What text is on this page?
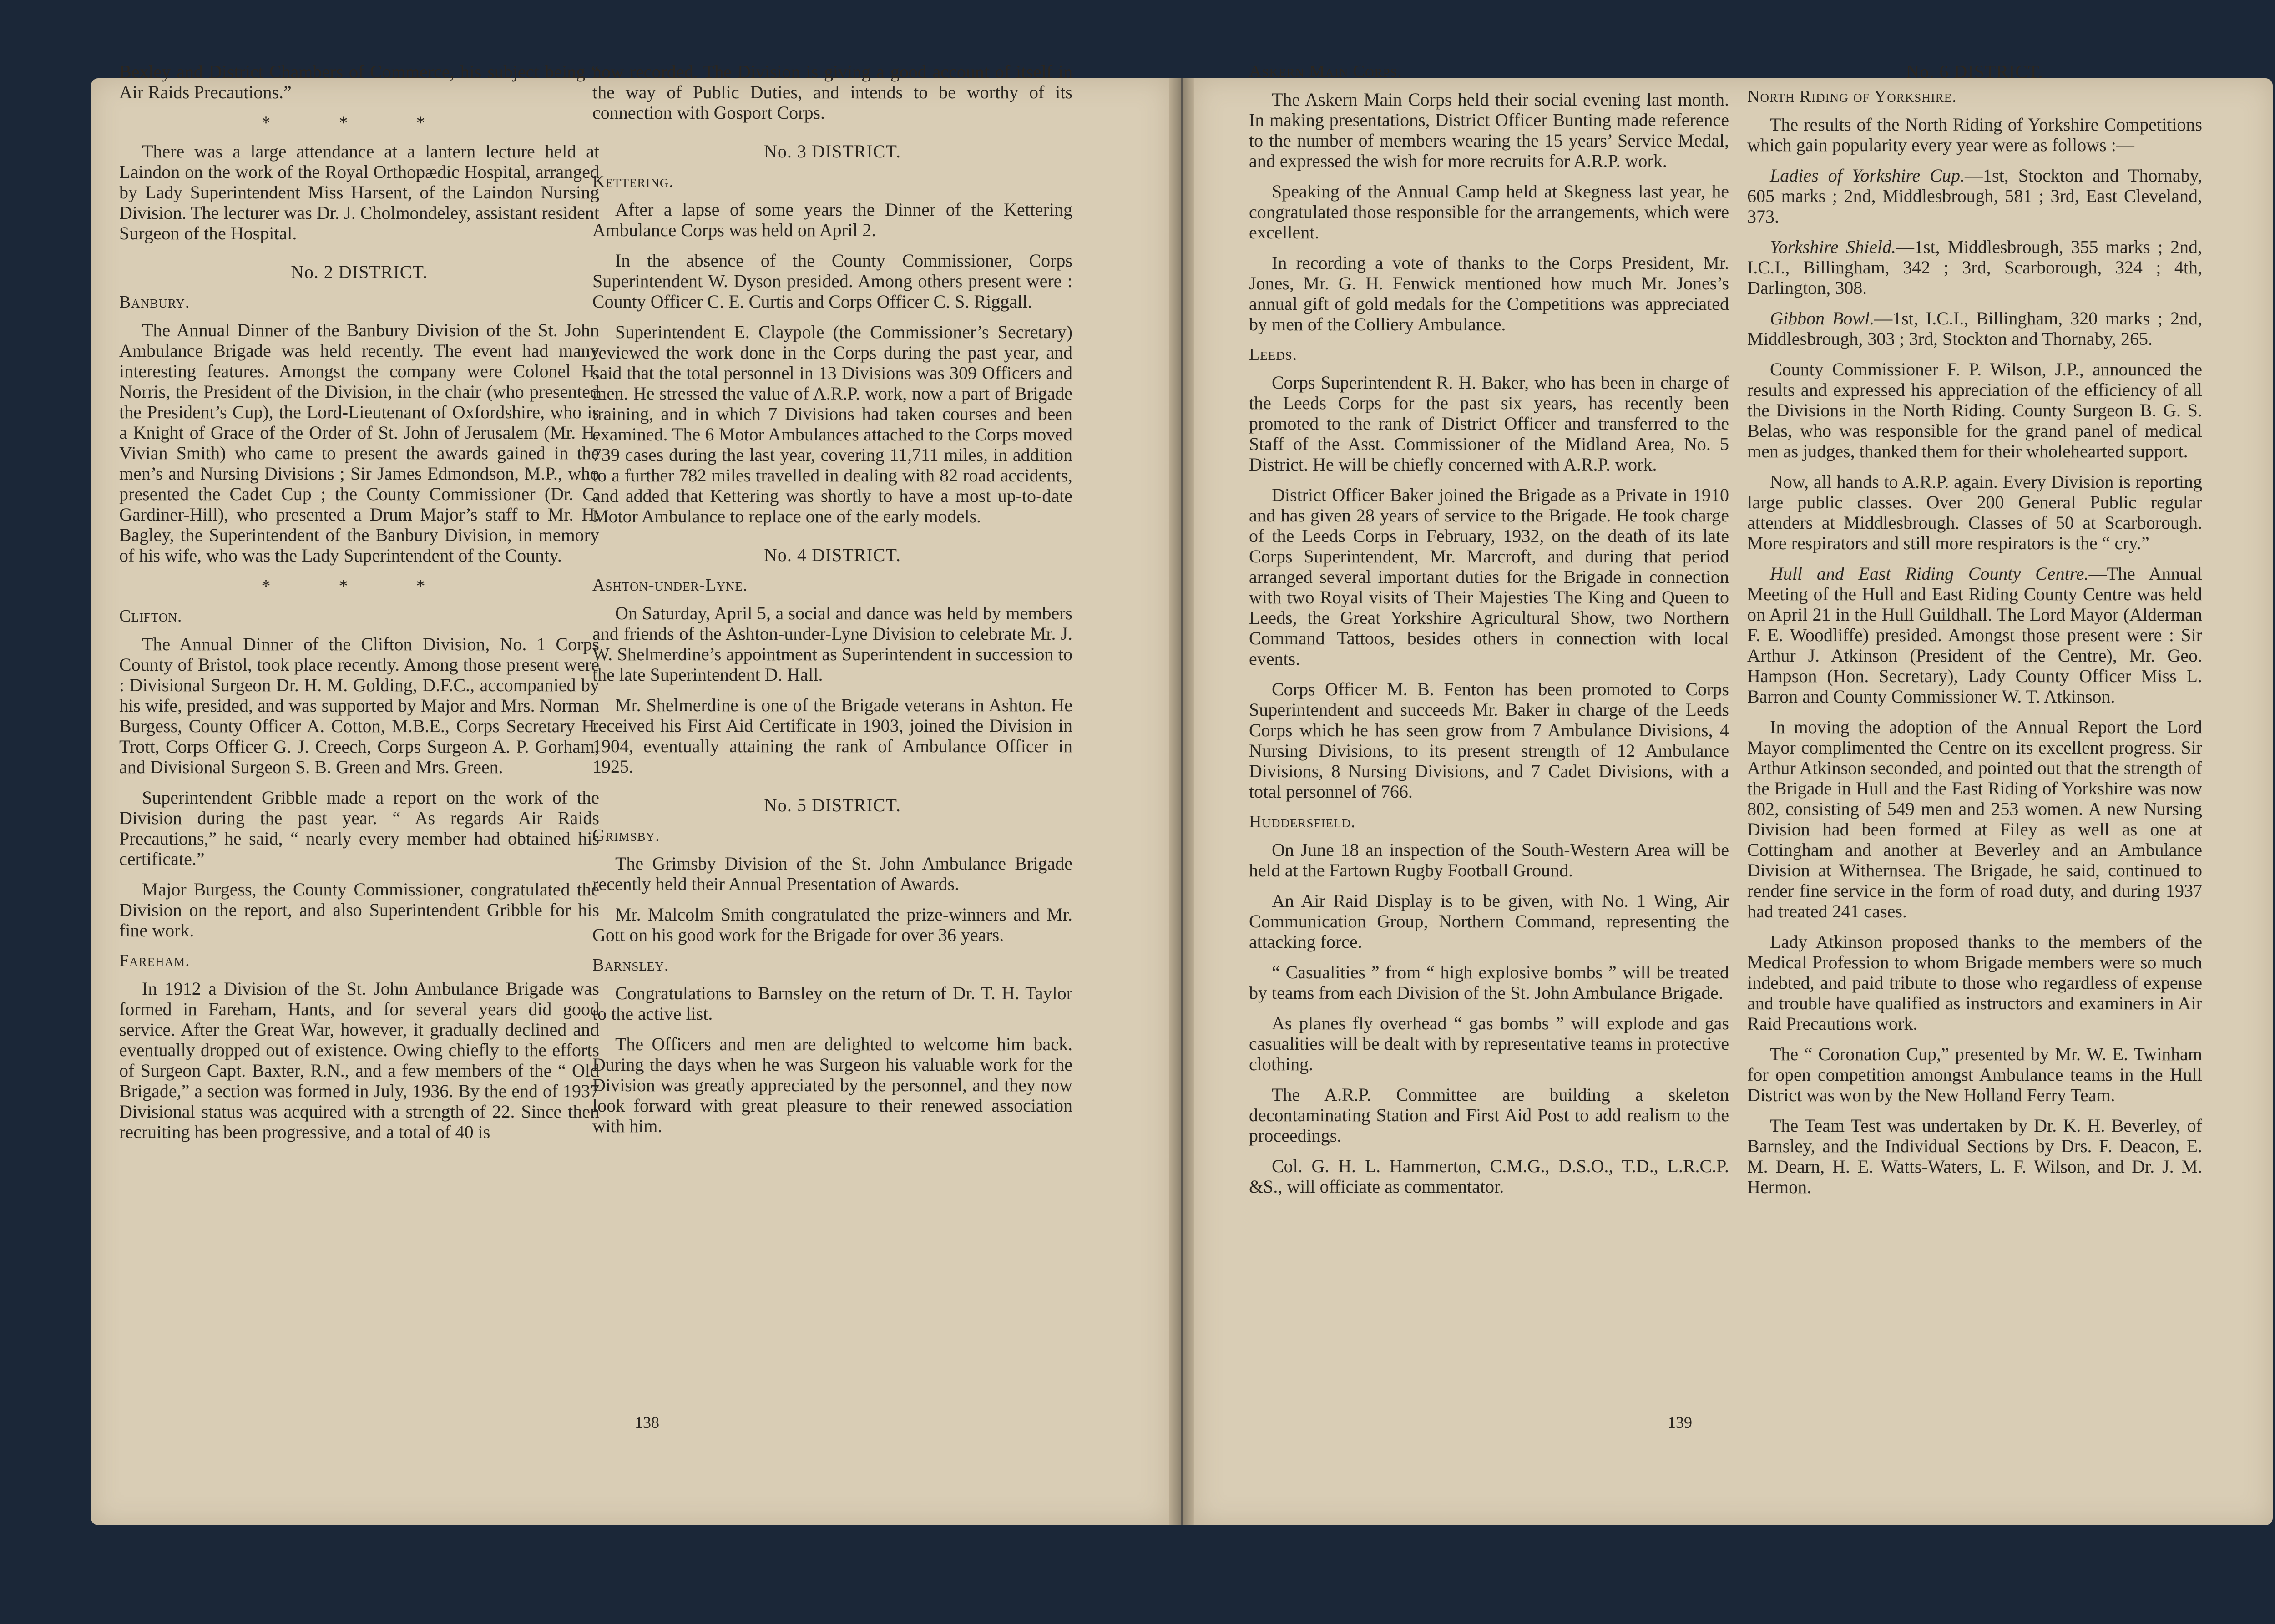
Bexley and District Chambers of Commerce, his subject being “ Air Raids Precautions.”

* * *

There was a large attendance at a lantern lecture held at Laindon on the work of the Royal Orthopædic Hospital, arranged by Lady Superintendent Miss Harsent, of the Laindon Nursing Division. The lecturer was Dr. J. Cholmondeley, assistant resident Surgeon of the Hospital.

No. 2 DISTRICT.
Banbury.

The Annual Dinner of the Banbury Division of the St. John Ambulance Brigade was held recently. The event had many interesting features. Amongst the company were Colonel H. Norris, the President of the Division, in the chair (who presented the President’s Cup), the Lord-Lieutenant of Oxfordshire, who is a Knight of Grace of the Order of St. John of Jerusalem (Mr. H. Vivian Smith) who came to present the awards gained in the men’s and Nursing Divisions ; Sir James Edmondson, M.P., who presented the Cadet Cup ; the County Commissioner (Dr. C. Gardiner-Hill), who presented a Drum Major’s staff to Mr. H. Bagley, the Superintendent of the Banbury Division, in memory of his wife, who was the Lady Superintendent of the County.

* * *
Clifton.

The Annual Dinner of the Clifton Division, No. 1 Corps County of Bristol, took place recently. Among those present were : Divisional Surgeon Dr. H. M. Golding, D.F.C., accompanied by his wife, presided, and was supported by Major and Mrs. Norman Burgess, County Officer A. Cotton, M.B.E., Corps Secretary H. Trott, Corps Officer G. J. Creech, Corps Surgeon A. P. Gorham, and Divisional Surgeon S. B. Green and Mrs. Green.

Superintendent Gribble made a report on the work of the Division during the past year. “ As regards Air Raids Precautions,” he said, “ nearly every member had obtained his certificate.”

Major Burgess, the County Commissioner, congratulated the Division on the report, and also Superintendent Gribble for his fine work.

Fareham.

In 1912 a Division of the St. John Ambulance Brigade was formed in Fareham, Hants, and for several years did good service. After the Great War, however, it gradually declined and eventually dropped out of existence. Owing chiefly to the efforts of Surgeon Capt. Baxter, R.N., and a few members of the “ Old Brigade,” a section was formed in July, 1936. By the end of 1937 Divisional status was acquired with a strength of 22. Since then recruiting has been progressive, and a total of 40 is

now recorded. The Division is giving a good account of itself in the way of Public Duties, and intends to be worthy of its connection with Gosport Corps.

No. 3 DISTRICT.
Kettering.

After a lapse of some years the Dinner of the Kettering Ambulance Corps was held on April 2.

In the absence of the County Commissioner, Corps Superintendent W. Dyson presided. Among others present were : County Officer C. E. Curtis and Corps Officer C. S. Riggall.

Superintendent E. Claypole (the Commissioner’s Secretary) reviewed the work done in the Corps during the past year, and said that the total personnel in 13 Divisions was 309 Officers and men. He stressed the value of A.R.P. work, now a part of Brigade training, and in which 7 Divisions had taken courses and been examined. The 6 Motor Ambulances attached to the Corps moved 739 cases during the last year, covering 11,711 miles, in addition to a further 782 miles travelled in dealing with 82 road accidents, and added that Kettering was shortly to have a most up-to-date Motor Ambulance to replace one of the early models.

No. 4 DISTRICT.
Ashton-under-Lyne.

On Saturday, April 5, a social and dance was held by members and friends of the Ashton-under-Lyne Division to celebrate Mr. J. W. Shelmerdine’s appointment as Superintendent in succession to the late Superintendent D. Hall.

Mr. Shelmerdine is one of the Brigade veterans in Ashton. He received his First Aid Certificate in 1903, joined the Division in 1904, eventually attaining the rank of Ambulance Officer in 1925.

No. 5 DISTRICT.
Grimsby.

The Grimsby Division of the St. John Ambulance Brigade recently held their Annual Presentation of Awards.

Mr. Malcolm Smith congratulated the prize-winners and Mr. Gott on his good work for the Brigade for over 36 years.

Barnsley.

Congratulations to Barnsley on the return of Dr. T. H. Taylor to the active list.

The Officers and men are delighted to welcome him back. During the days when he was Surgeon his valuable work for the Division was greatly appreciated by the personnel, and they now look forward with great pleasure to their renewed association with him.

138
Askern Main Corps.

The Askern Main Corps held their social evening last month. In making presentations, District Officer Bunting made reference to the number of members wearing the 15 years’ Service Medal, and expressed the wish for more recruits for A.R.P. work.

Speaking of the Annual Camp held at Skegness last year, he congratulated those responsible for the arrangements, which were excellent.

In recording a vote of thanks to the Corps President, Mr. Jones, Mr. G. H. Fenwick mentioned how much Mr. Jones’s annual gift of gold medals for the Competitions was appreciated by men of the Colliery Ambulance.

Leeds.

Corps Superintendent R. H. Baker, who has been in charge of the Leeds Corps for the past six years, has recently been promoted to the rank of District Officer and transferred to the Staff of the Asst. Commissioner of the Midland Area, No. 5 District. He will be chiefly concerned with A.R.P. work.

District Officer Baker joined the Brigade as a Private in 1910 and has given 28 years of service to the Brigade. He took charge of the Leeds Corps in February, 1932, on the death of its late Corps Superintendent, Mr. Marcroft, and during that period arranged several important duties for the Brigade in connection with two Royal visits of Their Majesties The King and Queen to Leeds, the Great Yorkshire Agricultural Show, two Northern Command Tattoos, besides others in connection with local events.

Corps Officer M. B. Fenton has been promoted to Corps Superintendent and succeeds Mr. Baker in charge of the Leeds Corps which he has seen grow from 7 Ambulance Divisions, 4 Nursing Divisions, to its present strength of 12 Ambulance Divisions, 8 Nursing Divisions, and 7 Cadet Divisions, with a total personnel of 766.

Huddersfield.

On June 18 an inspection of the South-Western Area will be held at the Fartown Rugby Football Ground.

An Air Raid Display is to be given, with No. 1 Wing, Air Communication Group, Northern Command, representing the attacking force.

“ Casualities ” from “ high explosive bombs ” will be treated by teams from each Division of the St. John Ambulance Brigade.

As planes fly overhead “ gas bombs ” will explode and gas casualities will be dealt with by representative teams in protective clothing.

The A.R.P. Committee are building a skeleton decontaminating Station and First Aid Post to add realism to the proceedings.

Col. G. H. L. Hammerton, C.M.G., D.S.O., T.D., L.R.C.P. &S., will officiate as commentator.

No. 6 DISTRICT.
North Riding of Yorkshire.

The results of the North Riding of Yorkshire Competitions which gain popularity every year were as follows :—

Ladies of Yorkshire Cup.—1st, Stockton and Thornaby, 605 marks ; 2nd, Middlesbrough, 581 ; 3rd, East Cleveland, 373.

Yorkshire Shield.—1st, Middlesbrough, 355 marks ; 2nd, I.C.I., Billingham, 342 ; 3rd, Scarborough, 324 ; 4th, Darlington, 308.

Gibbon Bowl.—1st, I.C.I., Billingham, 320 marks ; 2nd, Middlesbrough, 303 ; 3rd, Stockton and Thornaby, 265.

County Commissioner F. P. Wilson, J.P., announced the results and expressed his appreciation of the efficiency of all the Divisions in the North Riding. County Surgeon B. G. S. Belas, who was responsible for the grand panel of medical men as judges, thanked them for their wholehearted support.

Now, all hands to A.R.P. again. Every Division is reporting large public classes. Over 200 General Public regular attenders at Middlesbrough. Classes of 50 at Scarborough. More respirators and still more respirators is the “ cry.”

Hull and East Riding County Centre.—The Annual Meeting of the Hull and East Riding County Centre was held on April 21 in the Hull Guildhall. The Lord Mayor (Alderman F. E. Woodliffe) presided. Amongst those present were : Sir Arthur J. Atkinson (President of the Centre), Mr. Geo. Hampson (Hon. Secretary), Lady County Officer Miss L. Barron and County Commissioner W. T. Atkinson.

In moving the adoption of the Annual Report the Lord Mayor complimented the Centre on its excellent progress. Sir Arthur Atkinson seconded, and pointed out that the strength of the Brigade in Hull and the East Riding of Yorkshire was now 802, consisting of 549 men and 253 women. A new Nursing Division had been formed at Filey as well as one at Cottingham and another at Beverley and an Ambulance Division at Withernsea. The Brigade, he said, continued to render fine service in the form of road duty, and during 1937 had treated 241 cases.

Lady Atkinson proposed thanks to the members of the Medical Profession to whom Brigade members were so much indebted, and paid tribute to those who regardless of expense and trouble have qualified as instructors and examiners in Air Raid Precautions work.

The “ Coronation Cup,” presented by Mr. W. E. Twinham for open competition amongst Ambulance teams in the Hull District was won by the New Holland Ferry Team.

The Team Test was undertaken by Dr. K. H. Beverley, of Barnsley, and the Individual Sections by Drs. F. Deacon, E. M. Dearn, H. E. Watts-Waters, L. F. Wilson, and Dr. J. M. Hermon.

139
